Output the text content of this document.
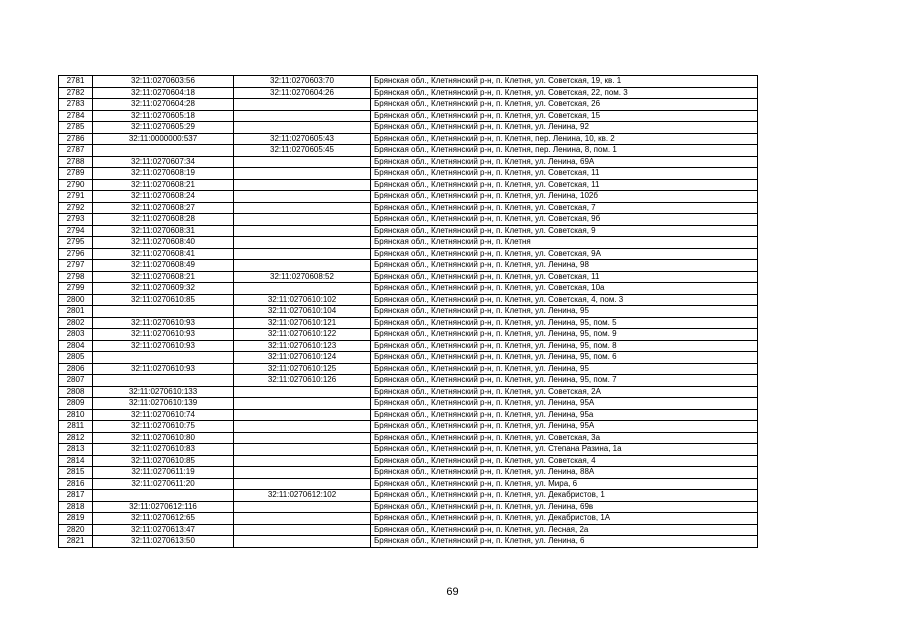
2781	32:11:0270603:56	32:11:0270603:70	Брянская обл., Клетнянский р-н, п. Клетня, ул. Советская, 19, кв. 1
2782	32:11:0270604:18	32:11:0270604:26	Брянская обл., Клетнянский р-н, п. Клетня, ул. Советская, 22, пом. 3
2783	32:11:0270604:28		Брянская обл., Клетнянский р-н, п. Клетня, ул. Советская, 26
2784	32:11:0270605:18		Брянская обл., Клетнянский р-н, п. Клетня, ул. Советская, 15
2785	32:11:0270605:29		Брянская обл., Клетнянский р-н, п. Клетня, ул. Ленина, 92
2786	32:11:0000000:537	32:11:0270605:43	Брянская обл., Клетнянский р-н, п. Клетня, пер. Ленина, 10, кв. 2
2787		32:11:0270605:45	Брянская обл., Клетнянский р-н, п. Клетня, пер. Ленина, 8, пом. 1
2788	32:11:0270607:34		Брянская обл., Клетнянский р-н, п. Клетня, ул. Ленина, 69А
2789	32:11:0270608:19		Брянская обл., Клетнянский р-н, п. Клетня, ул. Советская, 11
2790	32:11:0270608:21		Брянская обл., Клетнянский р-н, п. Клетня, ул. Советская, 11
2791	32:11:0270608:24		Брянская обл., Клетнянский р-н, п. Клетня, ул. Ленина, 102б
2792	32:11:0270608:27		Брянская обл., Клетнянский р-н, п. Клетня, ул. Советская, 7
2793	32:11:0270608:28		Брянская обл., Клетнянский р-н, п. Клетня, ул. Советская, 9б
2794	32:11:0270608:31		Брянская обл., Клетнянский р-н, п. Клетня, ул. Советская, 9
2795	32:11:0270608:40		Брянская обл., Клетнянский р-н, п. Клетня
2796	32:11:0270608:41		Брянская обл., Клетнянский р-н, п. Клетня, ул. Советская, 9А
2797	32:11:0270608:49		Брянская обл., Клетнянский р-н, п. Клетня, ул. Ленина, 98
2798	32:11:0270608:21	32:11:0270608:52	Брянская обл., Клетнянский р-н, п. Клетня, ул. Советская, 11
2799	32:11:0270609:32		Брянская обл., Клетнянский р-н, п. Клетня, ул. Советская, 10а
2800	32:11:0270610:85	32:11:0270610:102	Брянская обл., Клетнянский р-н, п. Клетня, ул. Советская, 4, пом. 3
2801		32:11:0270610:104	Брянская обл., Клетнянский р-н, п. Клетня, ул. Ленина, 95
2802	32:11:0270610:93	32:11:0270610:121	Брянская обл., Клетнянский р-н, п. Клетня, ул. Ленина, 95, пом. 5
2803	32:11:0270610:93	32:11:0270610:122	Брянская обл., Клетнянский р-н, п. Клетня, ул. Ленина, 95, пом. 9
2804	32:11:0270610:93	32:11:0270610:123	Брянская обл., Клетнянский р-н, п. Клетня, ул. Ленина, 95, пом. 8
2805		32:11:0270610:124	Брянская обл., Клетнянский р-н, п. Клетня, ул. Ленина, 95, пом. 6
2806	32:11:0270610:93	32:11:0270610:125	Брянская обл., Клетнянский р-н, п. Клетня, ул. Ленина, 95
2807		32:11:0270610:126	Брянская обл., Клетнянский р-н, п. Клетня, ул. Ленина, 95, пом. 7
2808	32:11:0270610:133		Брянская обл., Клетнянский р-н, п. Клетня, ул. Советская, 2А
2809	32:11:0270610:139		Брянская обл., Клетнянский р-н, п. Клетня, ул. Ленина, 95А
2810	32:11:0270610:74		Брянская обл., Клетнянский р-н, п. Клетня, ул. Ленина, 95а
2811	32:11:0270610:75		Брянская обл., Клетнянский р-н, п. Клетня, ул. Ленина, 95А
2812	32:11:0270610:80		Брянская обл., Клетнянский р-н, п. Клетня, ул. Советская, 3а
2813	32:11:0270610:83		Брянская обл., Клетнянский р-н, п. Клетня, ул. Степана Разина, 1а
2814	32:11:0270610:85		Брянская обл., Клетнянский р-н, п. Клетня, ул. Советская, 4
2815	32:11:0270611:19		Брянская обл., Клетнянский р-н, п. Клетня, ул. Ленина, 88А
2816	32:11:0270611:20		Брянская обл., Клетнянский р-н, п. Клетня, ул. Мира, 6
2817		32:11:0270612:102	Брянская обл., Клетнянский р-н, п. Клетня, ул. Декабристов, 1
2818	32:11:0270612:116		Брянская обл., Клетнянский р-н, п. Клетня, ул. Ленина, 69в
2819	32:11:0270612:65		Брянская обл., Клетнянский р-н, п. Клетня, ул. Декабристов, 1А
2820	32:11:0270613:47		Брянская обл., Клетнянский р-н, п. Клетня, ул. Лесная, 2а
2821	32:11:0270613:50		Брянская обл., Клетнянский р-н, п. Клетня, ул. Ленина, 6
69
